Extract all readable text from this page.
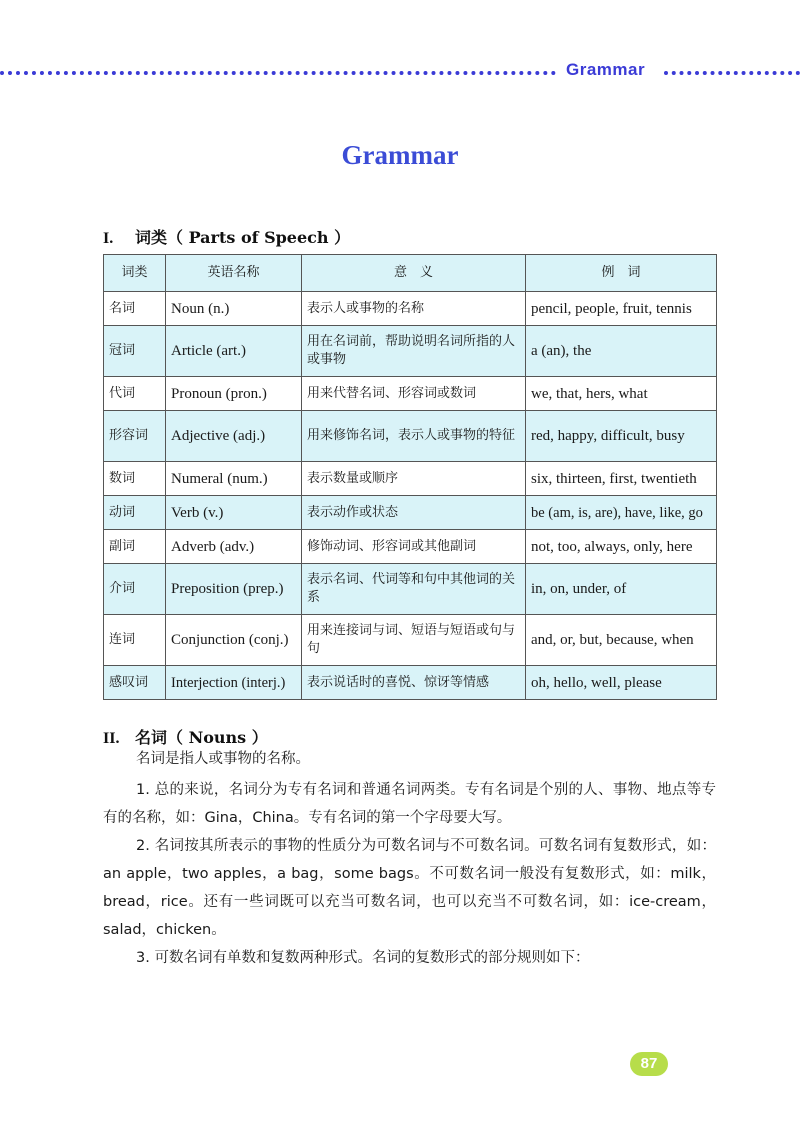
Grammar
Grammar
I. 词类（ Parts of Speech ）
词类	英语名称	意　义	例　词
名词	Noun (n.)	表示人或事物的名称	pencil, people, fruit, tennis
冠词	Article (art.)	用在名词前，帮助说明名词所指的人或事物	a (an), the
代词	Pronoun (pron.)	用来代替名词、形容词或数词	we, that, hers, what
形容词	Adjective (adj.)	用来修饰名词，表示人或事物的特征	red, happy, difficult, busy
数词	Numeral (num.)	表示数量或顺序	six, thirteen, first, twentieth
动词	Verb (v.)	表示动作或状态	be (am, is, are), have, like, go
副词	Adverb (adv.)	修饰动词、形容词或其他副词	not, too, always, only, here
介词	Preposition (prep.)	表示名词、代词等和句中其他词的关系	in, on, under, of
连词	Conjunction (conj.)	用来连接词与词、短语与短语或句与句	and, or, but, because, when
感叹词	Interjection (interj.)	表示说话时的喜悦、惊讶等情感	oh, hello, well, please
II. 名词（ Nouns ）
名词是指人或事物的名称。
1. 总的来说，名词分为专有名词和普通名词两类。专有名词是个别的人、事物、地点等专有的名称，如：Gina，China。专有名词的第一个字母要大写。
2. 名词按其所表示的事物的性质分为可数名词与不可数名词。可数名词有复数形式，如：an apple，two apples，a bag，some bags。不可数名词一般没有复数形式，如：milk，bread，rice。还有一些词既可以充当可数名词，也可以充当不可数名词，如：ice-cream，salad，chicken。
3. 可数名词有单数和复数两种形式。名词的复数形式的部分规则如下：
87
